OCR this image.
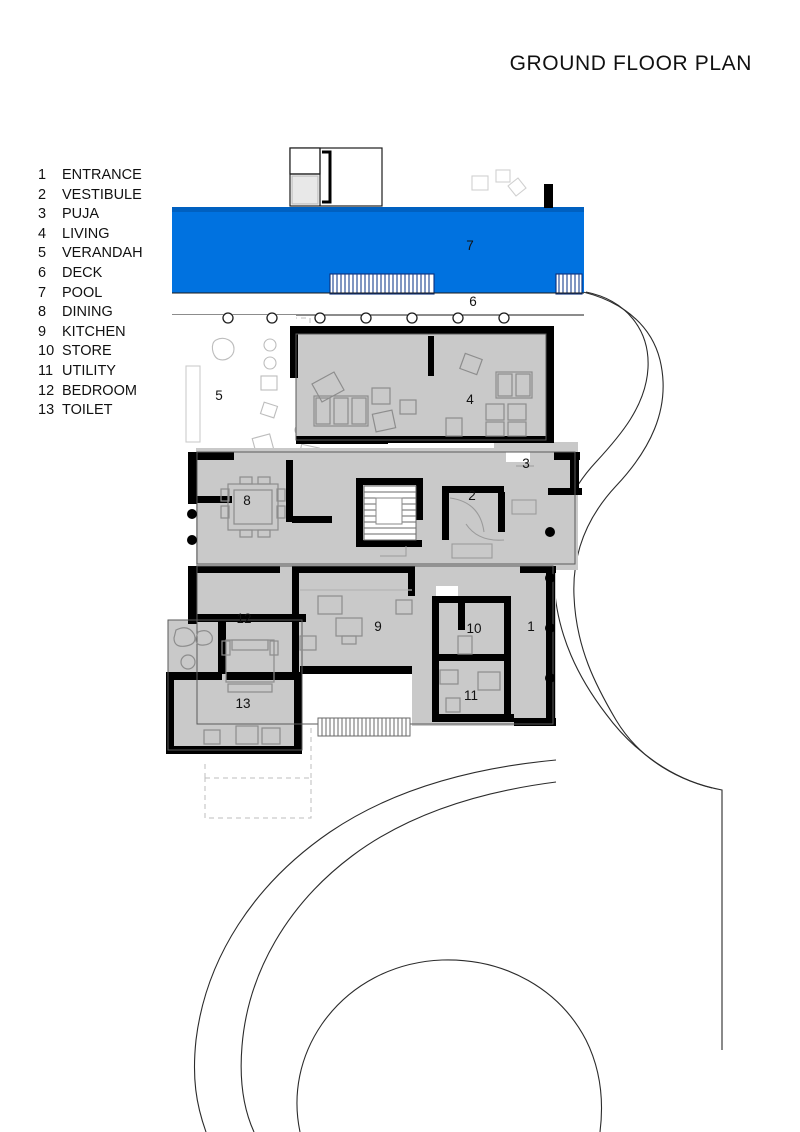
GROUND FLOOR PLAN
1	ENTRANCE
2	VESTIBULE
3	PUJA
4	LIVING
5	VERANDAH
6	DECK
7	POOL
8	DINING
9	KITCHEN
10 STORE
11 UTILITY
12 BEDROOM
13 TOILET
7
6
5	4
3
2
8
12
9	10	1
11
13
